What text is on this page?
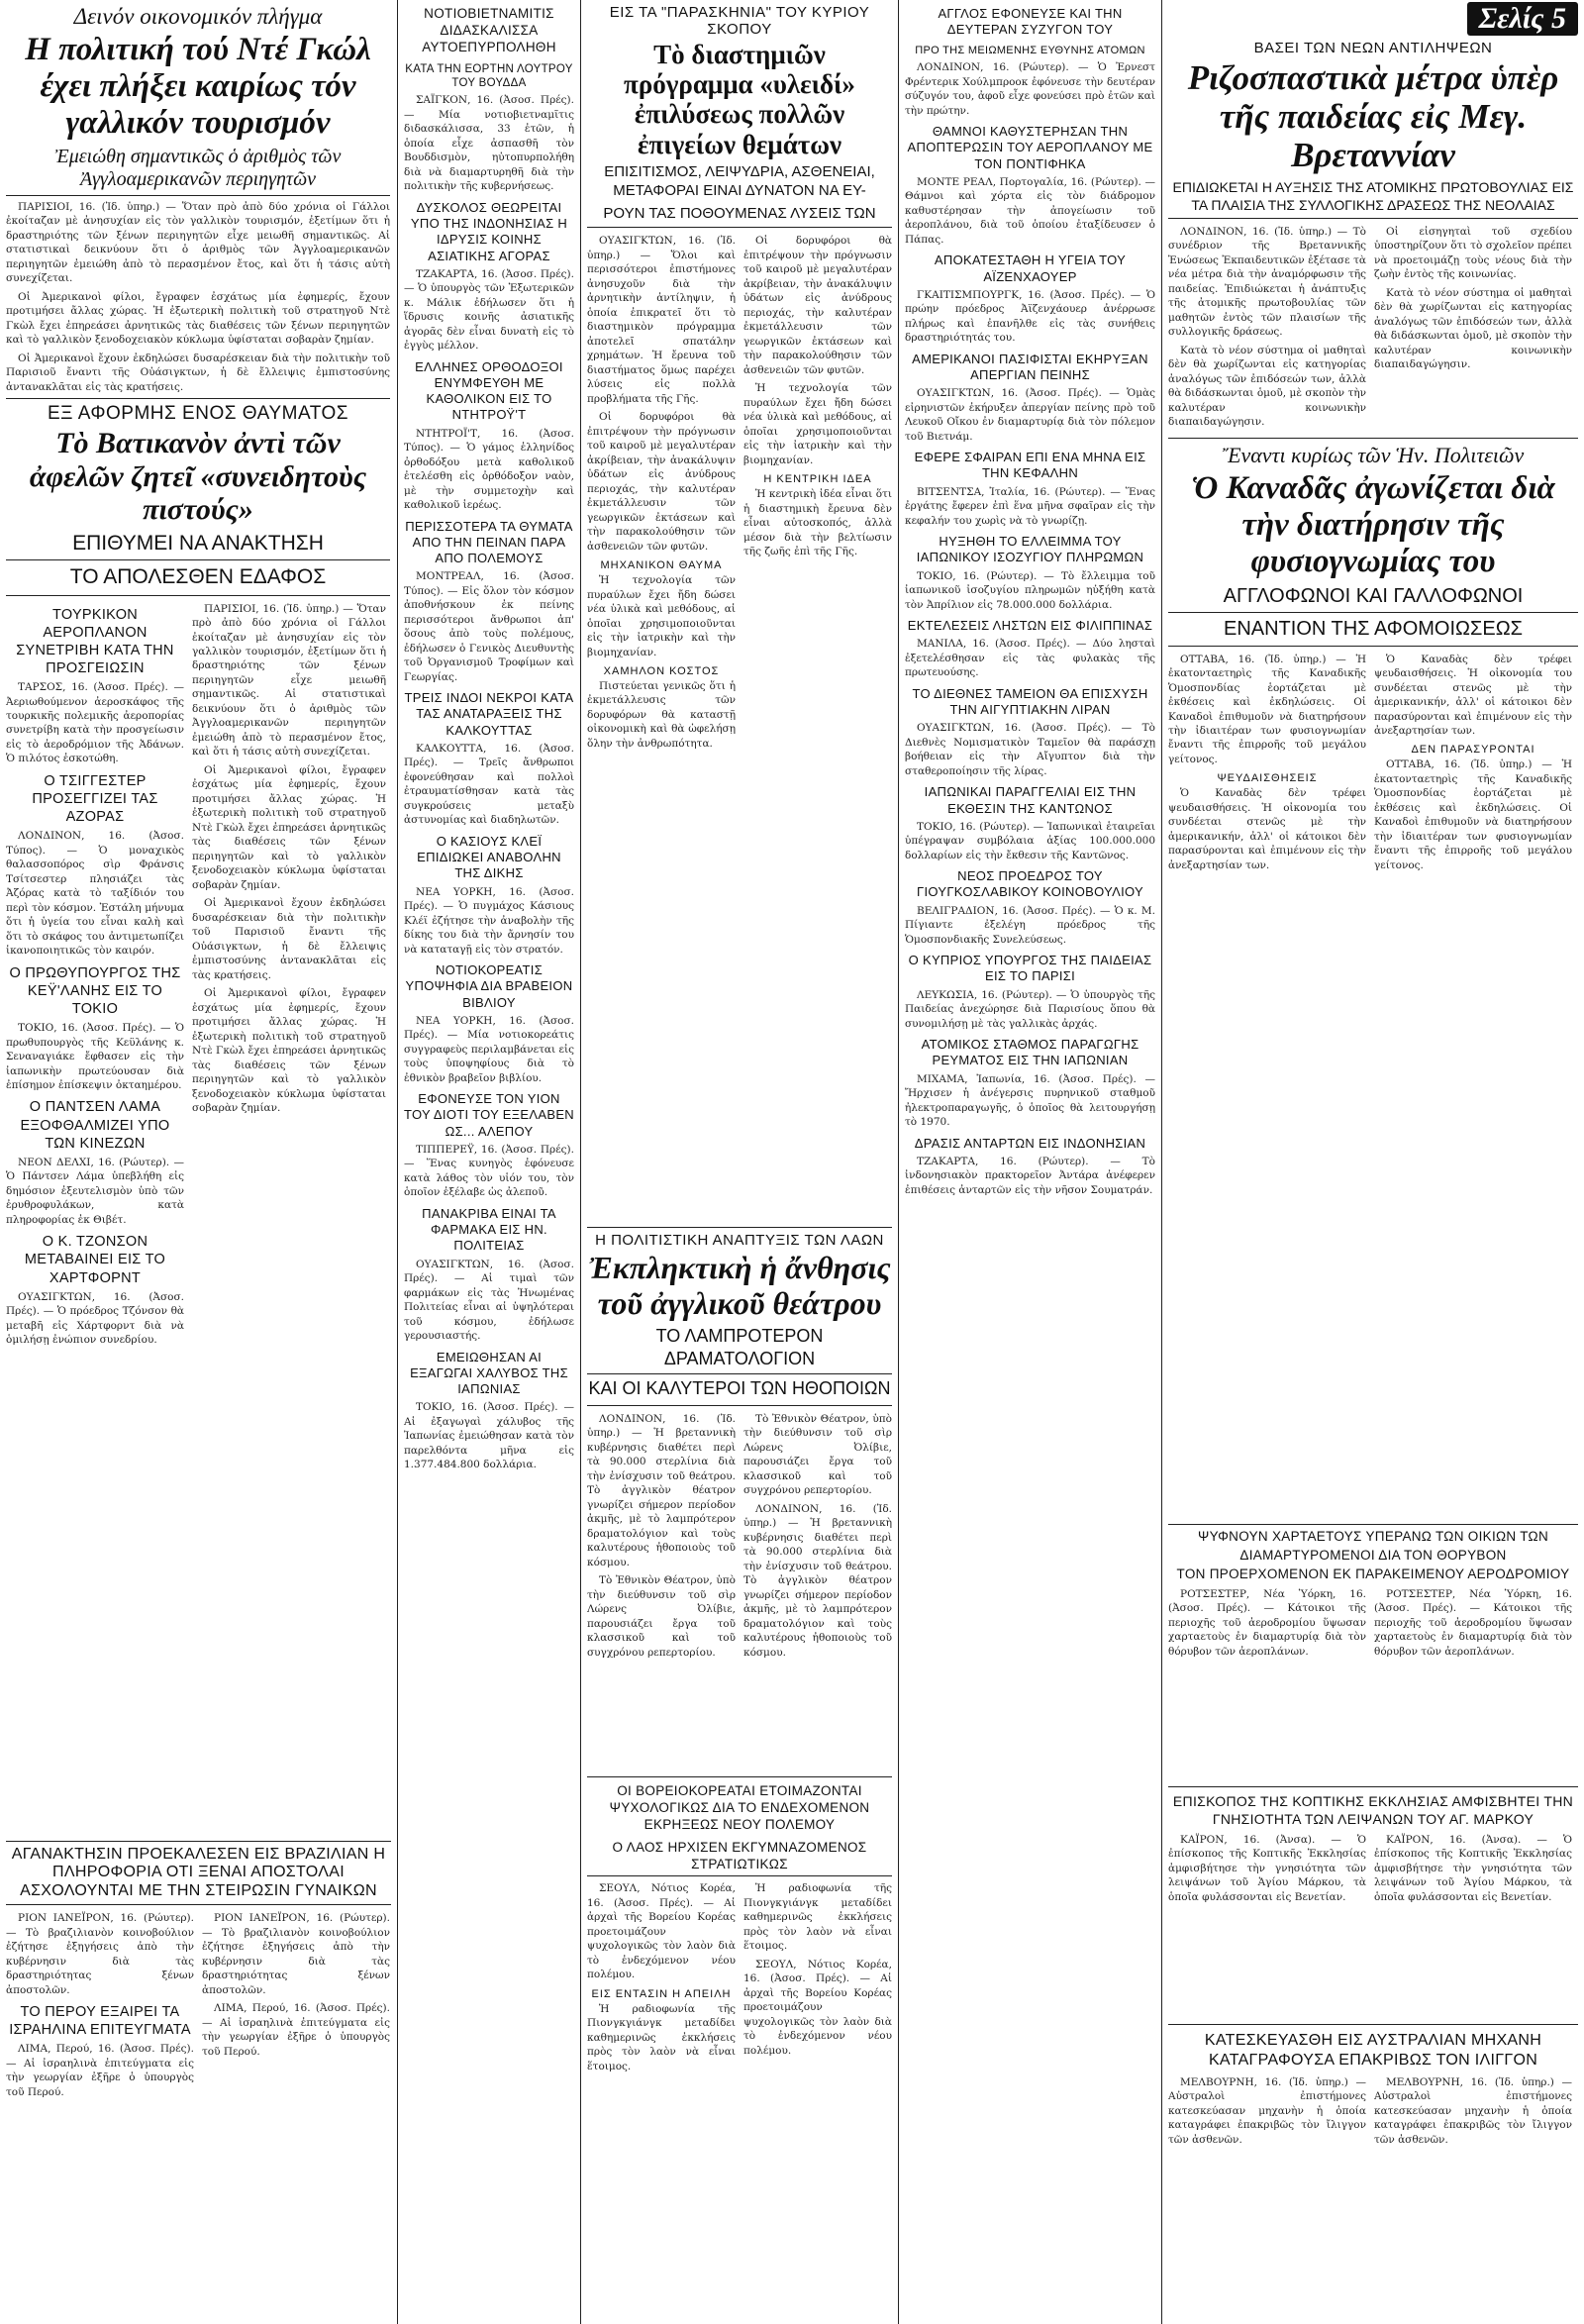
Δεινόν οικονομικόν πλήγμα
Η πολιτική τού Ντέ Γκώλ έχει πλήξει καιρίως τόν γαλλικόν τουρισμόν
Ἐμειώθη σημαντικῶς ὁ ἀριθμὸς τῶν Ἀγγλοαμερικανῶν περιηγητῶν

ΠΑΡΙΣΙΟΙ, 16. (Ἰδ. ὑπηρ.) — Ὅταν πρὸ ἀπὸ δύο χρόνια οἱ Γάλλοι ἐκοίταζαν μὲ ἀνησυχίαν εἰς τὸν γαλλικὸν τουρισμόν, ἐξετίμων ὅτι ἡ δραστηριότης τῶν ξένων περιηγητῶν εἶχε μειωθῆ σημαντικῶς. Αἱ στατιστικαὶ δεικνύουν ὅτι ὁ ἀριθμὸς τῶν Ἀγγλοαμερικανῶν περιηγητῶν ἐμειώθη ἀπὸ τὸ περασμένον ἔτος, καὶ ὅτι ἡ τάσις αὐτὴ συνεχίζεται.

Οἱ Ἀμερικανοὶ φίλοι, ἔγραφεν ἐσχάτως μία ἐφημερίς, ἔχουν προτιμήσει ἄλλας χώρας. Ἡ ἐξωτερικὴ πολιτικὴ τοῦ στρατηγοῦ Ντὲ Γκὼλ ἔχει ἐπηρεάσει ἀρνητικῶς τὰς διαθέσεις τῶν ξένων περιηγητῶν καὶ τὸ γαλλικὸν ξενοδοχειακὸν κύκλωμα ὑφίσταται σοβαρὰν ζημίαν.

Οἱ Ἀμερικανοὶ ἔχουν ἐκδηλώσει δυσαρέσκειαν διὰ τὴν πολιτικὴν τοῦ Παρισιοῦ ἔναντι τῆς Οὐάσιγκτων, ἡ δὲ ἔλλειψις ἐμπιστοσύνης ἀντανακλᾶται εἰς τὰς κρατήσεις.

ΕΞ ΑΦΟΡΜΗΣ ΕΝΟΣ ΘΑΥΜΑΤΟΣ
Τὸ Βατικανὸν ἀντὶ τῶν ἀφελῶν ζητεῖ «συνειδητοὺς πιστούς»
ΕΠΙΘΥΜΕΙ ΝΑ ΑΝΑΚΤΗΣΗ
ΤΟ ΑΠΟΛΕΣΘΕΝ ΕΔΑΦΟΣ
ΤΟΥΡΚΙΚΟΝ ΑΕΡΟΠΛΑΝΟΝ ΣΥΝΕΤΡΙΒΗ ΚΑΤΑ ΤΗΝ ΠΡΟΣΓΕΙΩΣΙΝ

ΤΑΡΣΟΣ, 16. (Ἀσοσ. Πρές). — Ἀεριωθούμενον ἀεροσκάφος τῆς τουρκικῆς πολεμικῆς ἀεροπορίας συνετρίβη κατὰ τὴν προσγείωσιν εἰς τὸ ἀεροδρόμιον τῆς Ἀδάνων. Ὁ πιλότος ἐσκοτώθη.

Ο ΤΣΙΓΓΕΣΤΕΡ ΠΡΟΣΕΓΓΙΖΕΙ ΤΑΣ ΑΖΟΡΑΣ

ΛΟΝΔΙΝΟΝ, 16. (Ἀσοσ. Τύπος). — Ὁ μοναχικὸς θαλασσοπόρος σὶρ Φράνσις Τσίτσεστερ πλησιάζει τὰς Ἀζόρας κατὰ τὸ ταξίδιόν του περὶ τὸν κόσμον. Ἐστάλη μήνυμα ὅτι ἡ ὑγεία του εἶναι καλὴ καὶ ὅτι τὸ σκάφος του ἀντιμετωπίζει ἱκανοποιητικῶς τὸν καιρόν.

Ο ΠΡΩΘΥΠΟΥΡΓΟΣ ΤΗΣ ΚΕΫ'ΛΑΝΗΣ ΕΙΣ ΤΟ ΤΟΚΙΟ

ΤΟΚΙΟ, 16. (Ἀσοσ. Πρές). — Ὁ πρωθυπουργὸς τῆς Κεϋλάνης κ. Σεναναγιάκε ἔφθασεν εἰς τὴν ἰαπωνικὴν πρωτεύουσαν διὰ ἐπίσημον ἐπίσκεψιν ὀκταημέρου.

Ο ΠΑΝΤΣΕΝ ΛΑΜΑ ΕΞΟΦΘΑΛΜΙΖΕΙ ΥΠΟ ΤΩΝ ΚΙΝΕΖΩΝ

ΝΕΟΝ ΔΕΛΧΙ, 16. (Ρώυτερ). — Ὁ Πάντσεν Λάμα ὑπεβλήθη εἰς δημόσιον ἐξευτελισμὸν ὑπὸ τῶν ἐρυθροφυλάκων, κατὰ πληροφορίας ἐκ Θιβέτ.

Ο Κ. ΤΖΟΝΣΟΝ ΜΕΤΑΒΑΙΝΕΙ ΕΙΣ ΤΟ ΧΑΡΤΦΟΡΝΤ

ΟΥΑΣΙΓΚΤΩΝ, 16. (Ἀσοσ. Πρές). — Ὁ πρόεδρος Τζόνσον θὰ μεταβῆ εἰς Χάρτφορντ διὰ νὰ ὁμιλήσῃ ἐνώπιον συνεδρίου.

ΠΑΡΙΣΙΟΙ, 16. (Ἰδ. ὑπηρ.) — Ὅταν πρὸ ἀπὸ δύο χρόνια οἱ Γάλλοι ἐκοίταζαν μὲ ἀνησυχίαν εἰς τὸν γαλλικὸν τουρισμόν, ἐξετίμων ὅτι ἡ δραστηριότης τῶν ξένων περιηγητῶν εἶχε μειωθῆ σημαντικῶς. Αἱ στατιστικαὶ δεικνύουν ὅτι ὁ ἀριθμὸς τῶν Ἀγγλοαμερικανῶν περιηγητῶν ἐμειώθη ἀπὸ τὸ περασμένον ἔτος, καὶ ὅτι ἡ τάσις αὐτὴ συνεχίζεται.

Οἱ Ἀμερικανοὶ φίλοι, ἔγραφεν ἐσχάτως μία ἐφημερίς, ἔχουν προτιμήσει ἄλλας χώρας. Ἡ ἐξωτερικὴ πολιτικὴ τοῦ στρατηγοῦ Ντὲ Γκὼλ ἔχει ἐπηρεάσει ἀρνητικῶς τὰς διαθέσεις τῶν ξένων περιηγητῶν καὶ τὸ γαλλικὸν ξενοδοχειακὸν κύκλωμα ὑφίσταται σοβαρὰν ζημίαν.

Οἱ Ἀμερικανοὶ ἔχουν ἐκδηλώσει δυσαρέσκειαν διὰ τὴν πολιτικὴν τοῦ Παρισιοῦ ἔναντι τῆς Οὐάσιγκτων, ἡ δὲ ἔλλειψις ἐμπιστοσύνης ἀντανακλᾶται εἰς τὰς κρατήσεις.

Οἱ Ἀμερικανοὶ φίλοι, ἔγραφεν ἐσχάτως μία ἐφημερίς, ἔχουν προτιμήσει ἄλλας χώρας. Ἡ ἐξωτερικὴ πολιτικὴ τοῦ στρατηγοῦ Ντὲ Γκὼλ ἔχει ἐπηρεάσει ἀρνητικῶς τὰς διαθέσεις τῶν ξένων περιηγητῶν καὶ τὸ γαλλικὸν ξενοδοχειακὸν κύκλωμα ὑφίσταται σοβαρὰν ζημίαν.

ΑΓΑΝΑΚΤΗΣΙΝ ΠΡΟΕΚΑΛΕΣΕΝ ΕΙΣ ΒΡΑΖΙΛΙΑΝ Η ΠΛΗΡΟΦΟΡΙΑ ΟΤΙ ΞΕΝΑΙ ΑΠΟΣΤΟΛΑΙ ΑΣΧΟΛΟΥΝΤΑΙ ΜΕ ΤΗΝ ΣΤΕΙΡΩΣΙΝ ΓΥΝΑΙΚΩΝ

ΡΙΟΝ ΙΑΝΕΪΡΟΝ, 16. (Ρώυτερ). — Τὸ βραζιλιανὸν κοινοβούλιον ἐζήτησε ἐξηγήσεις ἀπὸ τὴν κυβέρνησιν διὰ τὰς δραστηριότητας ξένων ἀποστολῶν.

ΤΟ ΠΕΡΟΥ ΕΞΑΙΡΕΙ ΤΑ ΙΣΡΑΗΛΙΝΑ ΕΠΙΤΕΥΓΜΑΤΑ

ΛΙΜΑ, Περού, 16. (Ἀσοσ. Πρές). — Αἱ ἰσραηλινὰ ἐπιτεύγματα εἰς τὴν γεωργίαν ἐξῆρε ὁ ὑπουργὸς τοῦ Περού.

ΡΙΟΝ ΙΑΝΕΪΡΟΝ, 16. (Ρώυτερ). — Τὸ βραζιλιανὸν κοινοβούλιον ἐζήτησε ἐξηγήσεις ἀπὸ τὴν κυβέρνησιν διὰ τὰς δραστηριότητας ξένων ἀποστολῶν.

ΛΙΜΑ, Περού, 16. (Ἀσοσ. Πρές). — Αἱ ἰσραηλινὰ ἐπιτεύγματα εἰς τὴν γεωργίαν ἐξῆρε ὁ ὑπουργὸς τοῦ Περού.

ΝΟΤΙΟΒΙΕΤΝΑΜΙΤΙΣ ΔΙΔΑΣΚΑΛΙΣΣΑ ΑΥΤΟΕΠΥΡΠΟΛΗΘΗ
ΚΑΤΑ ΤΗΝ ΕΟΡΤΗΝ ΛΟΥΤΡΟΥ ΤΟΥ ΒΟΥΔΔΑ

ΣΑΪΓΚΟΝ, 16. (Ἀσοσ. Πρές). — Μία νοτιοβιετναμῖτις διδασκάλισσα, 33 ἐτῶν, ἡ ὁποία εἶχε ἀσπασθῆ τὸν Βουδδισμὸν, ηὐτοπυρπολήθη διὰ νὰ διαμαρτυρηθῆ διὰ τὴν πολιτικὴν τῆς κυβερνήσεως.

ΔΥΣΚΟΛΟΣ ΘΕΩΡΕΙΤΑΙ ΥΠΟ ΤΗΣ ΙΝΔΟΝΗΣΙΑΣ Η ΙΔΡΥΣΙΣ ΚΟΙΝΗΣ ΑΣΙΑΤΙΚΗΣ ΑΓΟΡΑΣ

ΤΖΑΚΑΡΤΑ, 16. (Ἀσοσ. Πρές). — Ὁ ὑπουργὸς τῶν Ἐξωτερικῶν κ. Μάλικ ἐδήλωσεν ὅτι ἡ ἵδρυσις κοινῆς ἀσιατικῆς ἀγορᾶς δὲν εἶναι δυνατὴ εἰς τὸ ἐγγὺς μέλλον.

ΕΛΛΗΝΕΣ ΟΡΘΟΔΟΞΟΙ ΕΝΥΜΦΕΥΘΗ ΜΕ ΚΑΘΟΛΙΚΟΝ ΕΙΣ ΤΟ ΝΤΗΤΡΟΫ'Τ

ΝΤΗΤΡΟΪ'Τ, 16. (Ἀσοσ. Τύπος). — Ὁ γάμος ἑλληνίδος ὀρθοδόξου μετὰ καθολικοῦ ἐτελέσθη εἰς ὀρθόδοξον ναὸν, μὲ τὴν συμμετοχὴν καὶ καθολικοῦ ἱερέως.

ΠΕΡΙΣΣΟΤΕΡΑ ΤΑ ΘΥΜΑΤΑ ΑΠΟ ΤΗΝ ΠΕΙΝΑΝ ΠΑΡΑ ΑΠΟ ΠΟΛΕΜΟΥΣ

ΜΟΝΤΡΕΑΛ, 16. (Ἀσοσ. Τύπος). — Εἰς ὅλον τὸν κόσμον ἀποθνήσκουν ἐκ πείνης περισσότεροι ἄνθρωποι ἀπ' ὅσους ἀπὸ τοὺς πολέμους, ἐδήλωσεν ὁ Γενικὸς Διευθυντὴς τοῦ Ὀργανισμοῦ Τροφίμων καὶ Γεωργίας.

ΤΡΕΙΣ ΙΝΔΟΙ ΝΕΚΡΟΙ ΚΑΤΑ ΤΑΣ ΑΝΑΤΑΡΑΞΕΙΣ ΤΗΣ ΚΑΛΚΟΥΤΤΑΣ

ΚΑΛΚΟΥΤΤΑ, 16. (Ἀσοσ. Πρές). — Τρεῖς ἄνθρωποι ἐφονεύθησαν καὶ πολλοὶ ἐτραυματίσθησαν κατὰ τὰς συγκρούσεις μεταξὺ ἀστυνομίας καὶ διαδηλωτῶν.

Ο ΚΑΣΙΟΥΣ ΚΛΕΪ ΕΠΙΔΙΩΚΕΙ ΑΝΑΒΟΛΗΝ ΤΗΣ ΔΙΚΗΣ

ΝΕΑ ΥΟΡΚΗ, 16. (Ἀσοσ. Πρές). — Ὁ πυγμάχος Κάσιους Κλέϊ ἐζήτησε τὴν ἀναβολὴν τῆς δίκης του διὰ τὴν ἄρνησίν του νὰ καταταγῇ εἰς τὸν στρατόν.

ΝΟΤΙΟΚΟΡΕΑΤΙΣ ΥΠΟΨΗΦΙΑ ΔΙΑ ΒΡΑΒΕΙΟΝ ΒΙΒΛΙΟΥ

ΝΕΑ ΥΟΡΚΗ, 16. (Ἀσοσ. Πρές). — Μία νοτιοκορεάτις συγγραφεὺς περιλαμβάνεται εἰς τοὺς ὑποψηφίους διὰ τὸ ἐθνικὸν βραβεῖον βιβλίου.

ΕΦΟΝΕΥΣΕ ΤΟΝ ΥΙΟΝ ΤΟΥ ΔΙΟΤΙ ΤΟΥ ΕΞΕΛΑΒΕΝ ΩΣ... ΑΛΕΠΟΥ

ΤΙΠΠΕΡΕΫ, 16. (Ἀσοσ. Πρές). — Ἕνας κυνηγὸς ἐφόνευσε κατὰ λάθος τὸν υἱόν του, τὸν ὁποῖον ἐξέλαβε ὡς ἀλεποῦ.

ΠΑΝΑΚΡΙΒΑ ΕΙΝΑΙ ΤΑ ΦΑΡΜΑΚΑ ΕΙΣ ΗΝ. ΠΟΛΙΤΕΙΑΣ

ΟΥΑΣΙΓΚΤΩΝ, 16. (Ἀσοσ. Πρές). — Αἱ τιμαὶ τῶν φαρμάκων εἰς τὰς Ἡνωμένας Πολιτείας εἶναι αἱ ὑψηλότεραι τοῦ κόσμου, ἐδήλωσε γερουσιαστής.

ΕΜΕΙΩΘΗΣΑΝ ΑΙ ΕΞΑΓΩΓΑΙ ΧΑΛΥΒΟΣ ΤΗΣ ΙΑΠΩΝΙΑΣ

ΤΟΚΙΟ, 16. (Ἀσοσ. Πρές). — Αἱ ἐξαγωγαὶ χάλυβος τῆς Ἰαπωνίας ἐμειώθησαν κατὰ τὸν παρελθόντα μῆνα εἰς 1.377.484.800 δολλάρια.

ΕΙΣ ΤΑ "ΠΑΡΑΣΚΗΝΙΑ" ΤΟΥ ΚΥΡΙΟΥ ΣΚΟΠΟΥ
Τὸ διαστημιῶν πρόγραμμα «υλειδί» ἐπιλύσεως πολλῶν ἐπιγείων θεμάτων
ΕΠΙΣΙΤΙΣΜΟΣ, ΛΕΙΨΥΔΡΙΑ, ΑΣΘΕΝΕΙΑΙ, ΜΕΤΑΦΟΡΑΙ ΕΙΝΑΙ ΔΥΝΑΤΟΝ ΝΑ ΕΥ-
ΡΟΥΝ ΤΑΣ ΠΟΘΟΥΜΕΝΑΣ ΛΥΣΕΙΣ ΤΩΝ

ΟΥΑΣΙΓΚΤΩΝ, 16. (Ἰδ. ὑπηρ.) — Ὅλοι καὶ περισσότεροι ἐπιστήμονες ἀνησυχοῦν διὰ τὴν ἀρνητικὴν ἀντίληψιν, ἡ ὁποία ἐπικρατεῖ ὅτι τὸ διαστημικὸν πρόγραμμα ἀποτελεῖ σπατάλην χρημάτων. Ἡ ἔρευνα τοῦ διαστήματος ὅμως παρέχει λύσεις εἰς πολλὰ προβλήματα τῆς Γῆς.

Οἱ δορυφόροι θὰ ἐπιτρέψουν τὴν πρόγνωσιν τοῦ καιροῦ μὲ μεγαλυτέραν ἀκρίβειαν, τὴν ἀνακάλυψιν ὑδάτων εἰς ἀνύδρους περιοχάς, τὴν καλυτέραν ἐκμετάλλευσιν τῶν γεωργικῶν ἐκτάσεων καὶ τὴν παρακολούθησιν τῶν ἀσθενειῶν τῶν φυτῶν.

ΜΗΧΑΝΙΚΟΝ ΘΑΥΜΑ

Ἡ τεχνολογία τῶν πυραύλων ἔχει ἤδη δώσει νέα ὑλικὰ καὶ μεθόδους, αἱ ὁποῖαι χρησιμοποιοῦνται εἰς τὴν ἰατρικὴν καὶ τὴν βιομηχανίαν.

ΧΑΜΗΛΟΝ ΚΟΣΤΟΣ

Πιστεύεται γενικῶς ὅτι ἡ ἐκμετάλλευσις τῶν δορυφόρων θὰ καταστῇ οἰκονομικὴ καὶ θὰ ὠφελήσῃ ὅλην τὴν ἀνθρωπότητα.

Οἱ δορυφόροι θὰ ἐπιτρέψουν τὴν πρόγνωσιν τοῦ καιροῦ μὲ μεγαλυτέραν ἀκρίβειαν, τὴν ἀνακάλυψιν ὑδάτων εἰς ἀνύδρους περιοχάς, τὴν καλυτέραν ἐκμετάλλευσιν τῶν γεωργικῶν ἐκτάσεων καὶ τὴν παρακολούθησιν τῶν ἀσθενειῶν τῶν φυτῶν.

Ἡ τεχνολογία τῶν πυραύλων ἔχει ἤδη δώσει νέα ὑλικὰ καὶ μεθόδους, αἱ ὁποῖαι χρησιμοποιοῦνται εἰς τὴν ἰατρικὴν καὶ τὴν βιομηχανίαν.

Η ΚΕΝΤΡΙΚΗ ΙΔΕΑ

Ἡ κεντρικὴ ἰδέα εἶναι ὅτι ἡ διαστημικὴ ἔρευνα δὲν εἶναι αὐτοσκοπός, ἀλλὰ μέσον διὰ τὴν βελτίωσιν τῆς ζωῆς ἐπὶ τῆς Γῆς.

Η ΠΟΛΙΤΙΣΤΙΚΗ ΑΝΑΠΤΥΞΙΣ ΤΩΝ ΛΑΩΝ
Ἐκπληκτικὴ ἡ ἄνθησις τοῦ ἀγγλικοῦ θεάτρου
ΤΟ ΛΑΜΠΡΟΤΕΡΟΝ ΔΡΑΜΑΤΟΛΟΓΙΟΝ
ΚΑΙ ΟΙ ΚΑΛΥΤΕΡΟΙ ΤΩΝ ΗΘΟΠΟΙΩΝ

ΛΟΝΔΙΝΟΝ, 16. (Ἰδ. ὑπηρ.) — Ἡ βρεταννικὴ κυβέρνησις διαθέτει περὶ τὰ 90.000 στερλίνια διὰ τὴν ἐνίσχυσιν τοῦ θεάτρου. Τὸ ἀγγλικὸν θέατρον γνωρίζει σήμερον περίοδον ἀκμῆς, μὲ τὸ λαμπρότερον δραματολόγιον καὶ τοὺς καλυτέρους ἠθοποιοὺς τοῦ κόσμου.

Τὸ Ἐθνικὸν Θέατρον, ὑπὸ τὴν διεύθυνσιν τοῦ σὶρ Λώρενς Ὀλίβιε, παρουσιάζει ἔργα τοῦ κλασσικοῦ καὶ τοῦ συγχρόνου ρεπερτορίου.

Τὸ Ἐθνικὸν Θέατρον, ὑπὸ τὴν διεύθυνσιν τοῦ σὶρ Λώρενς Ὀλίβιε, παρουσιάζει ἔργα τοῦ κλασσικοῦ καὶ τοῦ συγχρόνου ρεπερτορίου.

ΛΟΝΔΙΝΟΝ, 16. (Ἰδ. ὑπηρ.) — Ἡ βρεταννικὴ κυβέρνησις διαθέτει περὶ τὰ 90.000 στερλίνια διὰ τὴν ἐνίσχυσιν τοῦ θεάτρου. Τὸ ἀγγλικὸν θέατρον γνωρίζει σήμερον περίοδον ἀκμῆς, μὲ τὸ λαμπρότερον δραματολόγιον καὶ τοὺς καλυτέρους ἠθοποιοὺς τοῦ κόσμου.

ΟΙ ΒΟΡΕΙΟΚΟΡΕΑΤΑΙ ΕΤΟΙΜΑΖΟΝΤΑΙ ΨΥΧΟΛΟΓΙΚΩΣ ΔΙΑ ΤΟ ΕΝΔΕΧΟΜΕΝΟΝ ΕΚΡΗΞΕΩΣ ΝΕΟΥ ΠΟΛΕΜΟΥ
Ο ΛΑΟΣ ΗΡΧΙΣΕΝ ΕΚΓΥΜΝΑΖΟΜΕΝΟΣ ΣΤΡΑΤΙΩΤΙΚΩΣ

ΣΕΟΥΛ, Νότιος Κορέα, 16. (Ἀσοσ. Πρές). — Αἱ ἀρχαὶ τῆς Βορείου Κορέας προετοιμάζουν ψυχολογικῶς τὸν λαὸν διὰ τὸ ἐνδεχόμενον νέου πολέμου.

ΕΙΣ ΕΝΤΑΣΙΝ Η ΑΠΕΙΛΗ

Ἡ ραδιοφωνία τῆς Πιονγκγιάνγκ μεταδίδει καθημερινῶς ἐκκλήσεις πρὸς τὸν λαὸν νὰ εἶναι ἕτοιμος.

Ἡ ραδιοφωνία τῆς Πιονγκγιάνγκ μεταδίδει καθημερινῶς ἐκκλήσεις πρὸς τὸν λαὸν νὰ εἶναι ἕτοιμος.

ΣΕΟΥΛ, Νότιος Κορέα, 16. (Ἀσοσ. Πρές). — Αἱ ἀρχαὶ τῆς Βορείου Κορέας προετοιμάζουν ψυχολογικῶς τὸν λαὸν διὰ τὸ ἐνδεχόμενον νέου πολέμου.

ΑΓΓΛΟΣ ΕΦΟΝΕΥΣΕ ΚΑΙ ΤΗΝ ΔΕΥΤΕΡΑΝ ΣΥΖΥΓΟΝ ΤΟΥ
ΠΡΟ ΤΗΣ ΜΕΙΩΜΕΝΗΣ ΕΥΘΥΝΗΣ ΑΤΟΜΩΝ

ΛΟΝΔΙΝΟΝ, 16. (Ρώυτερ). — Ὁ Ἐρνεστ Φρέντερικ Χούλμπροοκ ἐφόνευσε τὴν δευτέραν σύζυγόν του, ἀφοῦ εἶχε φονεύσει πρὸ ἐτῶν καὶ τὴν πρώτην.

ΘΑΜΝΟΙ ΚΑΘΥΣΤΕΡΗΣΑΝ ΤΗΝ ΑΠΟΠΤΕΡΩΣΙΝ ΤΟΥ ΑΕΡΟΠΛΑΝΟΥ ΜΕ ΤΟΝ ΠΟΝΤΙΦΗΚΑ

ΜΟΝΤΕ ΡΕΑΛ, Πορτογαλία, 16. (Ρώυτερ). — Θάμνοι καὶ χόρτα εἰς τὸν διάδρομον καθυστέρησαν τὴν ἀπογείωσιν τοῦ ἀεροπλάνου, διὰ τοῦ ὁποίου ἐταξίδευσεν ὁ Πάπας.

ΑΠΟΚΑΤΕΣΤΑΘΗ Η ΥΓΕΙΑ ΤΟΥ ΑΪΖΕΝΧΑΟΥΕΡ

ΓΚΑΙΤΙΣΜΠΟΥΡΓΚ, 16. (Ἀσοσ. Πρές). — Ὁ πρώην πρόεδρος Ἀϊζενχάουερ ἀνέρρωσε πλήρως καὶ ἐπανῆλθε εἰς τὰς συνήθεις δραστηριότητάς του.

ΑΜΕΡΙΚΑΝΟΙ ΠΑΣΙΦΙΣΤΑΙ ΕΚΗΡΥΞΑΝ ΑΠΕΡΓΙΑΝ ΠΕΙΝΗΣ

ΟΥΑΣΙΓΚΤΩΝ, 16. (Ἀσοσ. Πρές). — Ὁμὰς εἰρηνιστῶν ἐκήρυξεν ἀπεργίαν πείνης πρὸ τοῦ Λευκοῦ Οἴκου ἐν διαμαρτυρίᾳ διὰ τὸν πόλεμον τοῦ Βιετνάμ.

ΕΦΕΡΕ ΣΦΑΙΡΑΝ ΕΠΙ ΕΝΑ ΜΗΝΑ ΕΙΣ ΤΗΝ ΚΕΦΑΛΗΝ

ΒΙΤΣΕΝΤΣΑ, Ἰταλία, 16. (Ρώυτερ). — Ἕνας ἐργάτης ἔφερεν ἐπὶ ἕνα μῆνα σφαῖραν εἰς τὴν κεφαλήν του χωρὶς νὰ τὸ γνωρίζῃ.

ΗΥΞΗΘΗ ΤΟ ΕΛΛΕΙΜΜΑ ΤΟΥ ΙΑΠΩΝΙΚΟΥ ΙΣΟΖΥΓΙΟΥ ΠΛΗΡΩΜΩΝ

ΤΟΚΙΟ, 16. (Ρώυτερ). — Τὸ ἔλλειμμα τοῦ ἰαπωνικοῦ ἰσοζυγίου πληρωμῶν ηὐξήθη κατὰ τὸν Ἀπρίλιον εἰς 78.000.000 δολλάρια.

ΕΚΤΕΛΕΣΕΙΣ ΛΗΣΤΩΝ ΕΙΣ ΦΙΛΙΠΠΙΝΑΣ

ΜΑΝΙΛΑ, 16. (Ἀσοσ. Πρές). — Δύο λησταὶ ἐξετελέσθησαν εἰς τὰς φυλακὰς τῆς πρωτευούσης.

ΤΟ ΔΙΕΘΝΕΣ ΤΑΜΕΙΟΝ ΘΑ ΕΠΙΣΧΥΣΗ ΤΗΝ ΑΙΓΥΠΤΙΑΚΗΝ ΛΙΡΑΝ

ΟΥΑΣΙΓΚΤΩΝ, 16. (Ἀσοσ. Πρές). — Τὸ Διεθνὲς Νομισματικὸν Ταμεῖον θὰ παράσχῃ βοήθειαν εἰς τὴν Αἴγυπτον διὰ τὴν σταθεροποίησιν τῆς λίρας.

ΙΑΠΩΝΙΚΑΙ ΠΑΡΑΓΓΕΛΙΑΙ ΕΙΣ ΤΗΝ ΕΚΘΕΣΙΝ ΤΗΣ ΚΑΝΤΩΝΟΣ

ΤΟΚΙΟ, 16. (Ρώυτερ). — Ἰαπωνικαὶ ἑταιρεῖαι ὑπέγραψαν συμβόλαια ἀξίας 100.000.000 δολλαρίων εἰς τὴν ἔκθεσιν τῆς Καντῶνος.

ΝΕΟΣ ΠΡΟΕΔΡΟΣ ΤΟΥ ΓΙΟΥΓΚΟΣΛΑΒΙΚΟΥ ΚΟΙΝΟΒΟΥΛΙΟΥ

ΒΕΛΙΓΡΑΔΙΟΝ, 16. (Ἀσοσ. Πρές). — Ὁ κ. Μ. Πίγιαντε ἐξελέγη πρόεδρος τῆς Ὁμοσπονδιακῆς Συνελεύσεως.

Ο ΚΥΠΡΙΟΣ ΥΠΟΥΡΓΟΣ ΤΗΣ ΠΑΙΔΕΙΑΣ ΕΙΣ ΤΟ ΠΑΡΙΣΙ

ΛΕΥΚΩΣΙΑ, 16. (Ρώυτερ). — Ὁ ὑπουργὸς τῆς Παιδείας ἀνεχώρησε διὰ Παρισίους ὅπου θὰ συνομιλήσῃ μὲ τὰς γαλλικὰς ἀρχάς.

ΑΤΟΜΙΚΟΣ ΣΤΑΘΜΟΣ ΠΑΡΑΓΩΓΗΣ ΡΕΥΜΑΤΟΣ ΕΙΣ ΤΗΝ ΙΑΠΩΝΙΑΝ

ΜΙΧΑΜΑ, Ἰαπωνία, 16. (Ἀσοσ. Πρές). — Ἤρχισεν ἡ ἀνέγερσις πυρηνικοῦ σταθμοῦ ἠλεκτροπαραγωγῆς, ὁ ὁποῖος θὰ λειτουργήσῃ τὸ 1970.

ΔΡΑΣΙΣ ΑΝΤΑΡΤΩΝ ΕΙΣ ΙΝΔΟΝΗΣΙΑΝ

ΤΖΑΚΑΡΤΑ, 16. (Ρώυτερ). — Τὸ ἰνδονησιακὸν πρακτορεῖον Ἀντάρα ἀνέφερεν ἐπιθέσεις ἀνταρτῶν εἰς τὴν νῆσον Σουματράν.

Σελίς 5
ΒΑΣΕΙ ΤΩΝ ΝΕΩΝ ΑΝΤΙΛΗΨΕΩΝ
Ριζοσπαστικὰ μέτρα ὑπὲρ τῆς παιδείας εἰς Μεγ. Βρεταννίαν
ΕΠΙΔΙΩΚΕΤΑΙ Η ΑΥΞΗΣΙΣ ΤΗΣ ΑΤΟΜΙΚΗΣ ΠΡΩΤΟΒΟΥΛΙΑΣ ΕΙΣ ΤΑ ΠΛΑΙΣΙΑ ΤΗΣ ΣΥΛΛΟΓΙΚΗΣ ΔΡΑΣΕΩΣ ΤΗΣ ΝΕΟΛΑΙΑΣ

ΛΟΝΔΙΝΟΝ, 16. (Ἰδ. ὑπηρ.) — Τὸ συνέδριον τῆς Βρεταννικῆς Ἑνώσεως Ἐκπαιδευτικῶν ἐξέτασε τὰ νέα μέτρα διὰ τὴν ἀναμόρφωσιν τῆς παιδείας. Ἐπιδιώκεται ἡ ἀνάπτυξις τῆς ἀτομικῆς πρωτοβουλίας τῶν μαθητῶν ἐντὸς τῶν πλαισίων τῆς συλλογικῆς δράσεως.

Κατὰ τὸ νέον σύστημα οἱ μαθηταὶ δὲν θὰ χωρίζωνται εἰς κατηγορίας ἀναλόγως τῶν ἐπιδόσεών των, ἀλλὰ θὰ διδάσκωνται ὁμοῦ, μὲ σκοπὸν τὴν καλυτέραν κοινωνικὴν διαπαιδαγώγησιν.

Οἱ εἰσηγηταὶ τοῦ σχεδίου ὑποστηρίζουν ὅτι τὸ σχολεῖον πρέπει νὰ προετοιμάζῃ τοὺς νέους διὰ τὴν ζωὴν ἐντὸς τῆς κοινωνίας.

Κατὰ τὸ νέον σύστημα οἱ μαθηταὶ δὲν θὰ χωρίζωνται εἰς κατηγορίας ἀναλόγως τῶν ἐπιδόσεών των, ἀλλὰ θὰ διδάσκωνται ὁμοῦ, μὲ σκοπὸν τὴν καλυτέραν κοινωνικὴν διαπαιδαγώγησιν.

Ἔναντι κυρίως τῶν Ἡν. Πολιτειῶν
Ὁ Καναδᾶς ἀγωνίζεται διὰ τὴν διατήρησιν τῆς φυσιογνωμίας του
ΑΓΓΛΟΦΩΝΟΙ ΚΑΙ ΓΑΛΛΟΦΩΝΟΙ
ΕΝΑΝΤΙΟΝ ΤΗΣ ΑΦΟΜΟΙΩΣΕΩΣ

ΟΤΤΑΒΑ, 16. (Ἰδ. ὑπηρ.) — Ἡ ἐκατονταετηρὶς τῆς Καναδικῆς Ὁμοσπονδίας ἑορτάζεται μὲ ἐκθέσεις καὶ ἐκδηλώσεις. Οἱ Καναδοὶ ἐπιθυμοῦν νὰ διατηρήσουν τὴν ἰδιαιτέραν των φυσιογνωμίαν ἔναντι τῆς ἐπιρροῆς τοῦ μεγάλου γείτονος.

ΨΕΥΔΑΙΣΘΗΣΕΙΣ

Ὁ Καναδὰς δὲν τρέφει ψευδαισθήσεις. Ἡ οἰκονομία του συνδέεται στενῶς μὲ τὴν ἀμερικανικήν, ἀλλ' οἱ κάτοικοι δὲν παρασύρονται καὶ ἐπιμένουν εἰς τὴν ἀνεξαρτησίαν των.

Ὁ Καναδὰς δὲν τρέφει ψευδαισθήσεις. Ἡ οἰκονομία του συνδέεται στενῶς μὲ τὴν ἀμερικανικήν, ἀλλ' οἱ κάτοικοι δὲν παρασύρονται καὶ ἐπιμένουν εἰς τὴν ἀνεξαρτησίαν των.

ΔΕΝ ΠΑΡΑΣΥΡΟΝΤΑΙ

ΟΤΤΑΒΑ, 16. (Ἰδ. ὑπηρ.) — Ἡ ἐκατονταετηρὶς τῆς Καναδικῆς Ὁμοσπονδίας ἑορτάζεται μὲ ἐκθέσεις καὶ ἐκδηλώσεις. Οἱ Καναδοὶ ἐπιθυμοῦν νὰ διατηρήσουν τὴν ἰδιαιτέραν των φυσιογνωμίαν ἔναντι τῆς ἐπιρροῆς τοῦ μεγάλου γείτονος.

ΨΥΦΝΟΥΝ ΧΑΡΤΑΕΤΟΥΣ ΥΠΕΡΑΝΩ ΤΩΝ ΟΙΚΙΩΝ ΤΩΝ
ΔΙΑΜΑΡΤΥΡΟΜΕΝΟΙ ΔΙΑ ΤΟΝ ΘΟΡΥΒΟΝ
ΤΟΝ ΠΡΟΕΡΧΟΜΕΝΟΝ ΕΚ ΠΑΡΑΚΕΙΜΕΝΟΥ ΑΕΡΟΔΡΟΜΙΟΥ

ΡΟΤΣΕΣΤΕΡ, Νέα Ὑόρκη, 16. (Ἀσοσ. Πρές). — Κάτοικοι τῆς περιοχῆς τοῦ ἀεροδρομίου ὕψωσαν χαρταετοὺς ἐν διαμαρτυρίᾳ διὰ τὸν θόρυβον τῶν ἀεροπλάνων.

ΡΟΤΣΕΣΤΕΡ, Νέα Ὑόρκη, 16. (Ἀσοσ. Πρές). — Κάτοικοι τῆς περιοχῆς τοῦ ἀεροδρομίου ὕψωσαν χαρταετοὺς ἐν διαμαρτυρίᾳ διὰ τὸν θόρυβον τῶν ἀεροπλάνων.

ΕΠΙΣΚΟΠΟΣ ΤΗΣ ΚΟΠΤΙΚΗΣ ΕΚΚΛΗΣΙΑΣ ΑΜΦΙΣΒΗΤΕΙ ΤΗΝ ΓΝΗΣΙΟΤΗΤΑ ΤΩΝ ΛΕΙΨΑΝΩΝ ΤΟΥ ΑΓ. ΜΑΡΚΟΥ

ΚΑΪΡΟΝ, 16. (Ἀνσα). — Ὁ ἐπίσκοπος τῆς Κοπτικῆς Ἐκκλησίας ἀμφισβήτησε τὴν γνησιότητα τῶν λειψάνων τοῦ Ἁγίου Μάρκου, τὰ ὁποῖα φυλάσσονται εἰς Βενετίαν.

ΚΑΪΡΟΝ, 16. (Ἀνσα). — Ὁ ἐπίσκοπος τῆς Κοπτικῆς Ἐκκλησίας ἀμφισβήτησε τὴν γνησιότητα τῶν λειψάνων τοῦ Ἁγίου Μάρκου, τὰ ὁποῖα φυλάσσονται εἰς Βενετίαν.

ΚΑΤΕΣΚΕΥΑΣΘΗ ΕΙΣ ΑΥΣΤΡΑΛΙΑΝ ΜΗΧΑΝΗ ΚΑΤΑΓΡΑΦΟΥΣΑ ΕΠΑΚΡΙΒΩΣ ΤΟΝ ΙΛΙΓΓΟΝ

ΜΕΛΒΟΥΡΝΗ, 16. (Ἰδ. ὑπηρ.) — Αὐστραλοὶ ἐπιστήμονες κατεσκεύασαν μηχανὴν ἡ ὁποία καταγράφει ἐπακριβῶς τὸν ἴλιγγον τῶν ἀσθενῶν.

ΜΕΛΒΟΥΡΝΗ, 16. (Ἰδ. ὑπηρ.) — Αὐστραλοὶ ἐπιστήμονες κατεσκεύασαν μηχανὴν ἡ ὁποία καταγράφει ἐπακριβῶς τὸν ἴλιγγον τῶν ἀσθενῶν.
